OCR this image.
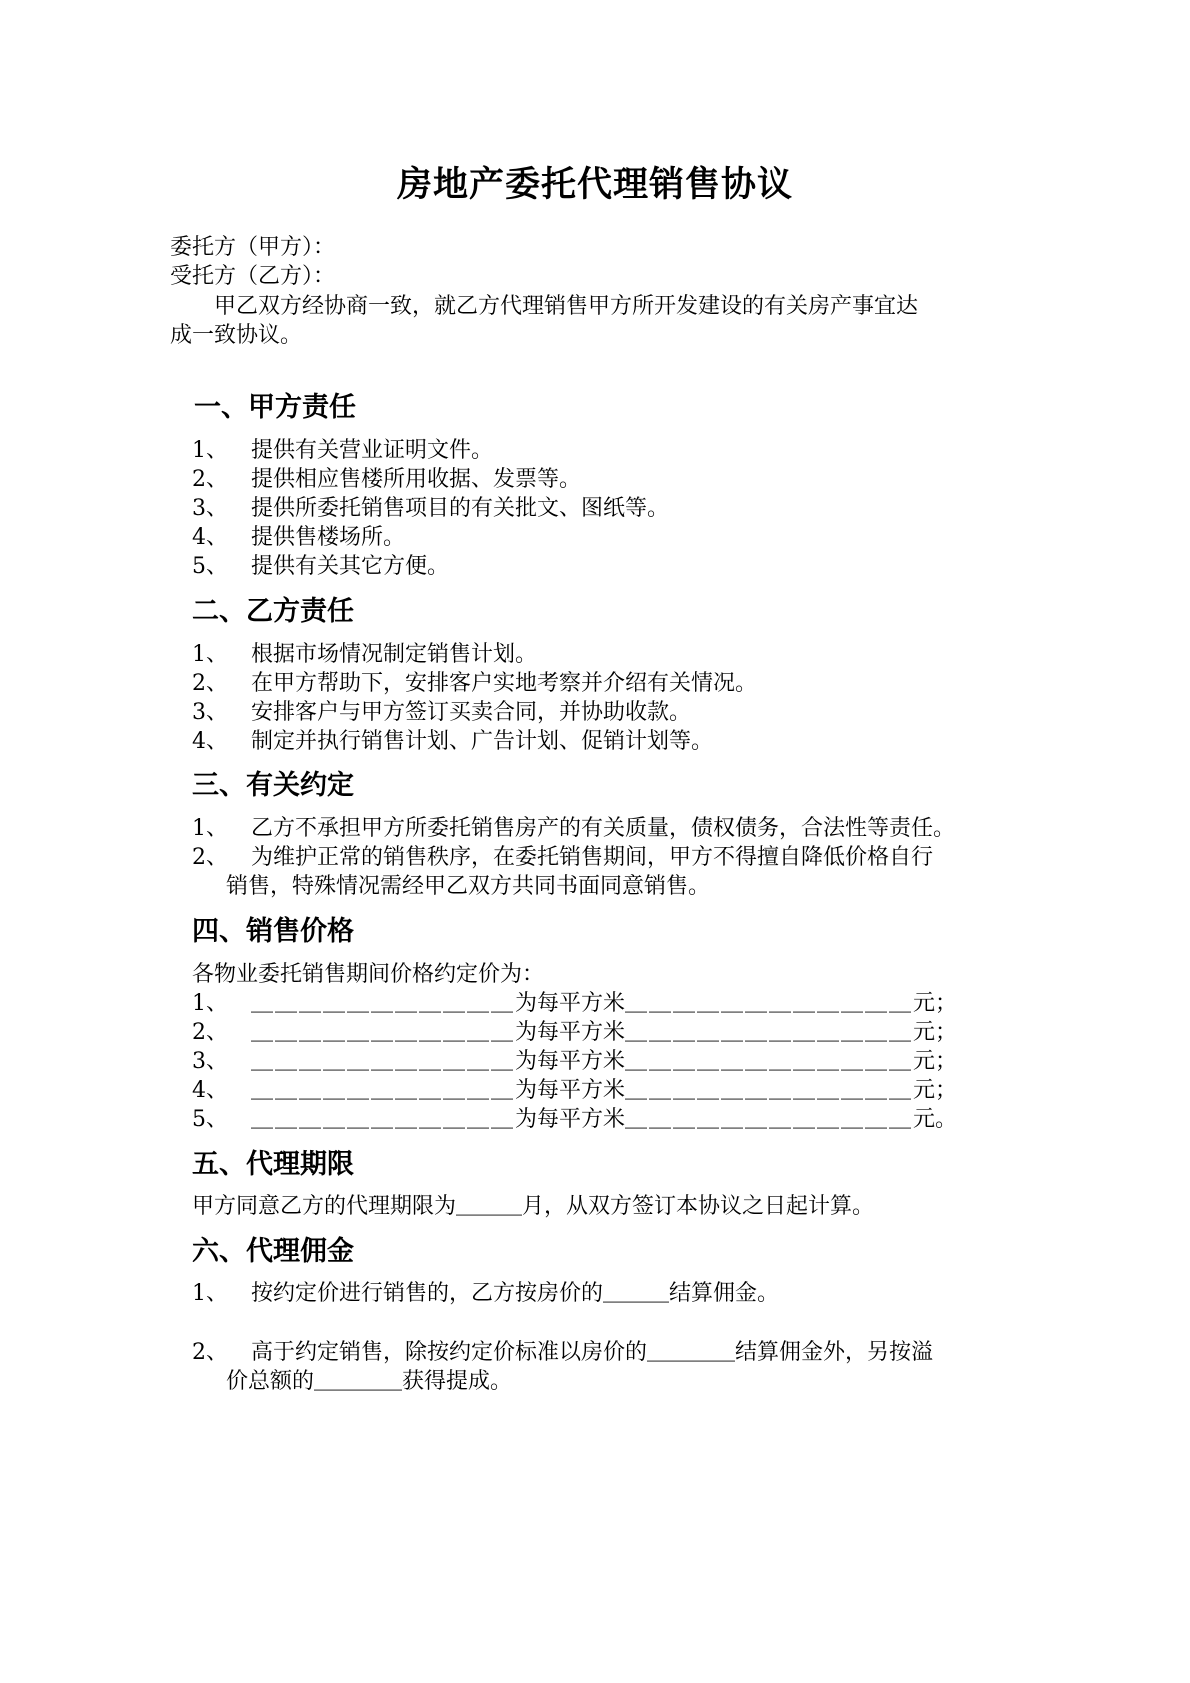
房地产委托代理销售协议
委托方（甲方）：
受托方（乙方）：
甲乙双方经协商一致，就乙方代理销售甲方所开发建设的有关房产事宜达
成一致协议。
一、甲方责任
1、 提供有关营业证明文件。
2、 提供相应售楼所用收据、发票等。
3、 提供所委托销售项目的有关批文、图纸等。
4、 提供售楼场所。
5、 提供有关其它方便。
二、乙方责任
1、 根据市场情况制定销售计划。
2、 在甲方帮助下，安排客户实地考察并介绍有关情况。
3、 安排客户与甲方签订买卖合同，并协助收款。
4、 制定并执行销售计划、广告计划、促销计划等。
三、有关约定
1、 乙方不承担甲方所委托销售房产的有关质量，债权债务，合法性等责任。
2、 为维护正常的销售秩序，在委托销售期间，甲方不得擅自降低价格自行
销售，特殊情况需经甲乙双方共同书面同意销售。
四、销售价格
各物业委托销售期间价格约定价为：
1、 ＿＿＿＿＿＿＿＿＿＿＿为每平方米＿＿＿＿＿＿＿＿＿＿＿＿元；
2、 ＿＿＿＿＿＿＿＿＿＿＿为每平方米＿＿＿＿＿＿＿＿＿＿＿＿元；
3、 ＿＿＿＿＿＿＿＿＿＿＿为每平方米＿＿＿＿＿＿＿＿＿＿＿＿元；
4、 ＿＿＿＿＿＿＿＿＿＿＿为每平方米＿＿＿＿＿＿＿＿＿＿＿＿元；
5、 ＿＿＿＿＿＿＿＿＿＿＿为每平方米＿＿＿＿＿＿＿＿＿＿＿＿元。
五、代理期限
甲方同意乙方的代理期限为＿＿＿月，从双方签订本协议之日起计算。
六、代理佣金
1、 按约定价进行销售的，乙方按房价的＿＿＿结算佣金。
2、 高于约定销售，除按约定价标准以房价的＿＿＿＿结算佣金外，另按溢
价总额的＿＿＿＿获得提成。
